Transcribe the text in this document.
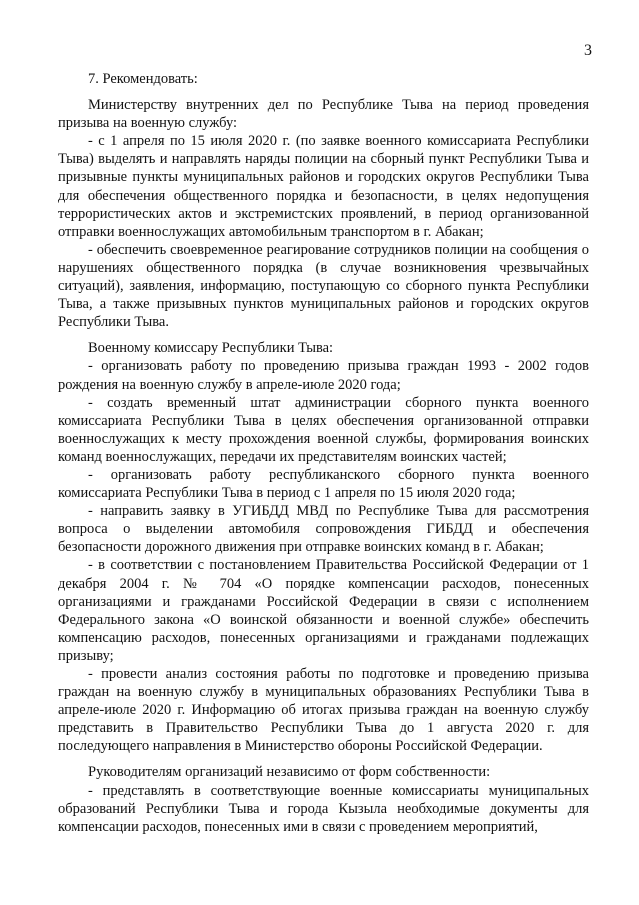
3

7. Рекомендовать:

Министерству внутренних дел по Республике Тыва на период проведения призыва на военную службу:

- с 1 апреля по 15 июля 2020 г. (по заявке военного комиссариата Республики Тыва) выделять и направлять наряды полиции на сборный пункт Республики Тыва и призывные пункты муниципальных районов и городских округов Республики Тыва для обеспечения общественного порядка и безопасности, в целях недопущения террористических актов и экстремистских проявлений, в период организованной отправки военнослужащих автомобильным транспортом в г. Абакан;

- обеспечить своевременное реагирование сотрудников полиции на сообщения о нарушениях общественного порядка (в случае возникновения чрезвычайных ситуаций), заявления, информацию, поступающую со сборного пункта Республики Тыва, а также призывных пунктов муниципальных районов и городских округов Республики Тыва.

Военному комиссару Республики Тыва:

- организовать работу по проведению призыва граждан 1993 - 2002 годов рождения на военную службу в апреле-июле 2020 года;

- создать временный штат администрации сборного пункта военного комиссариата Республики Тыва в целях обеспечения организованной отправки военнослужащих к месту прохождения военной службы, формирования воинских команд военнослужащих, передачи их представителям воинских частей;

- организовать работу республиканского сборного пункта военного комиссариата Республики Тыва в период с 1 апреля по 15 июля 2020 года;

- направить заявку в УГИБДД МВД по Республике Тыва для рассмотрения вопроса о выделении автомобиля сопровождения ГИБДД и обеспечения безопасности дорожного движения при отправке воинских команд в г. Абакан;

- в соответствии с постановлением Правительства Российской Федерации от 1 декабря 2004 г. № 704 «О порядке компенсации расходов, понесенных организациями и гражданами Российской Федерации в связи с исполнением Федерального закона «О воинской обязанности и военной службе» обеспечить компенсацию расходов, понесенных организациями и гражданами подлежащих призыву;

- провести анализ состояния работы по подготовке и проведению призыва граждан на военную службу в муниципальных образованиях Республики Тыва в апреле-июле 2020 г. Информацию об итогах призыва граждан на военную службу представить в Правительство Республики Тыва до 1 августа 2020 г. для последующего направления в Министерство обороны Российской Федерации.

Руководителям организаций независимо от форм собственности:

- представлять в соответствующие военные комиссариаты муниципальных образований Республики Тыва и города Кызыла необходимые документы для компенсации расходов, понесенных ими в связи с проведением мероприятий,
